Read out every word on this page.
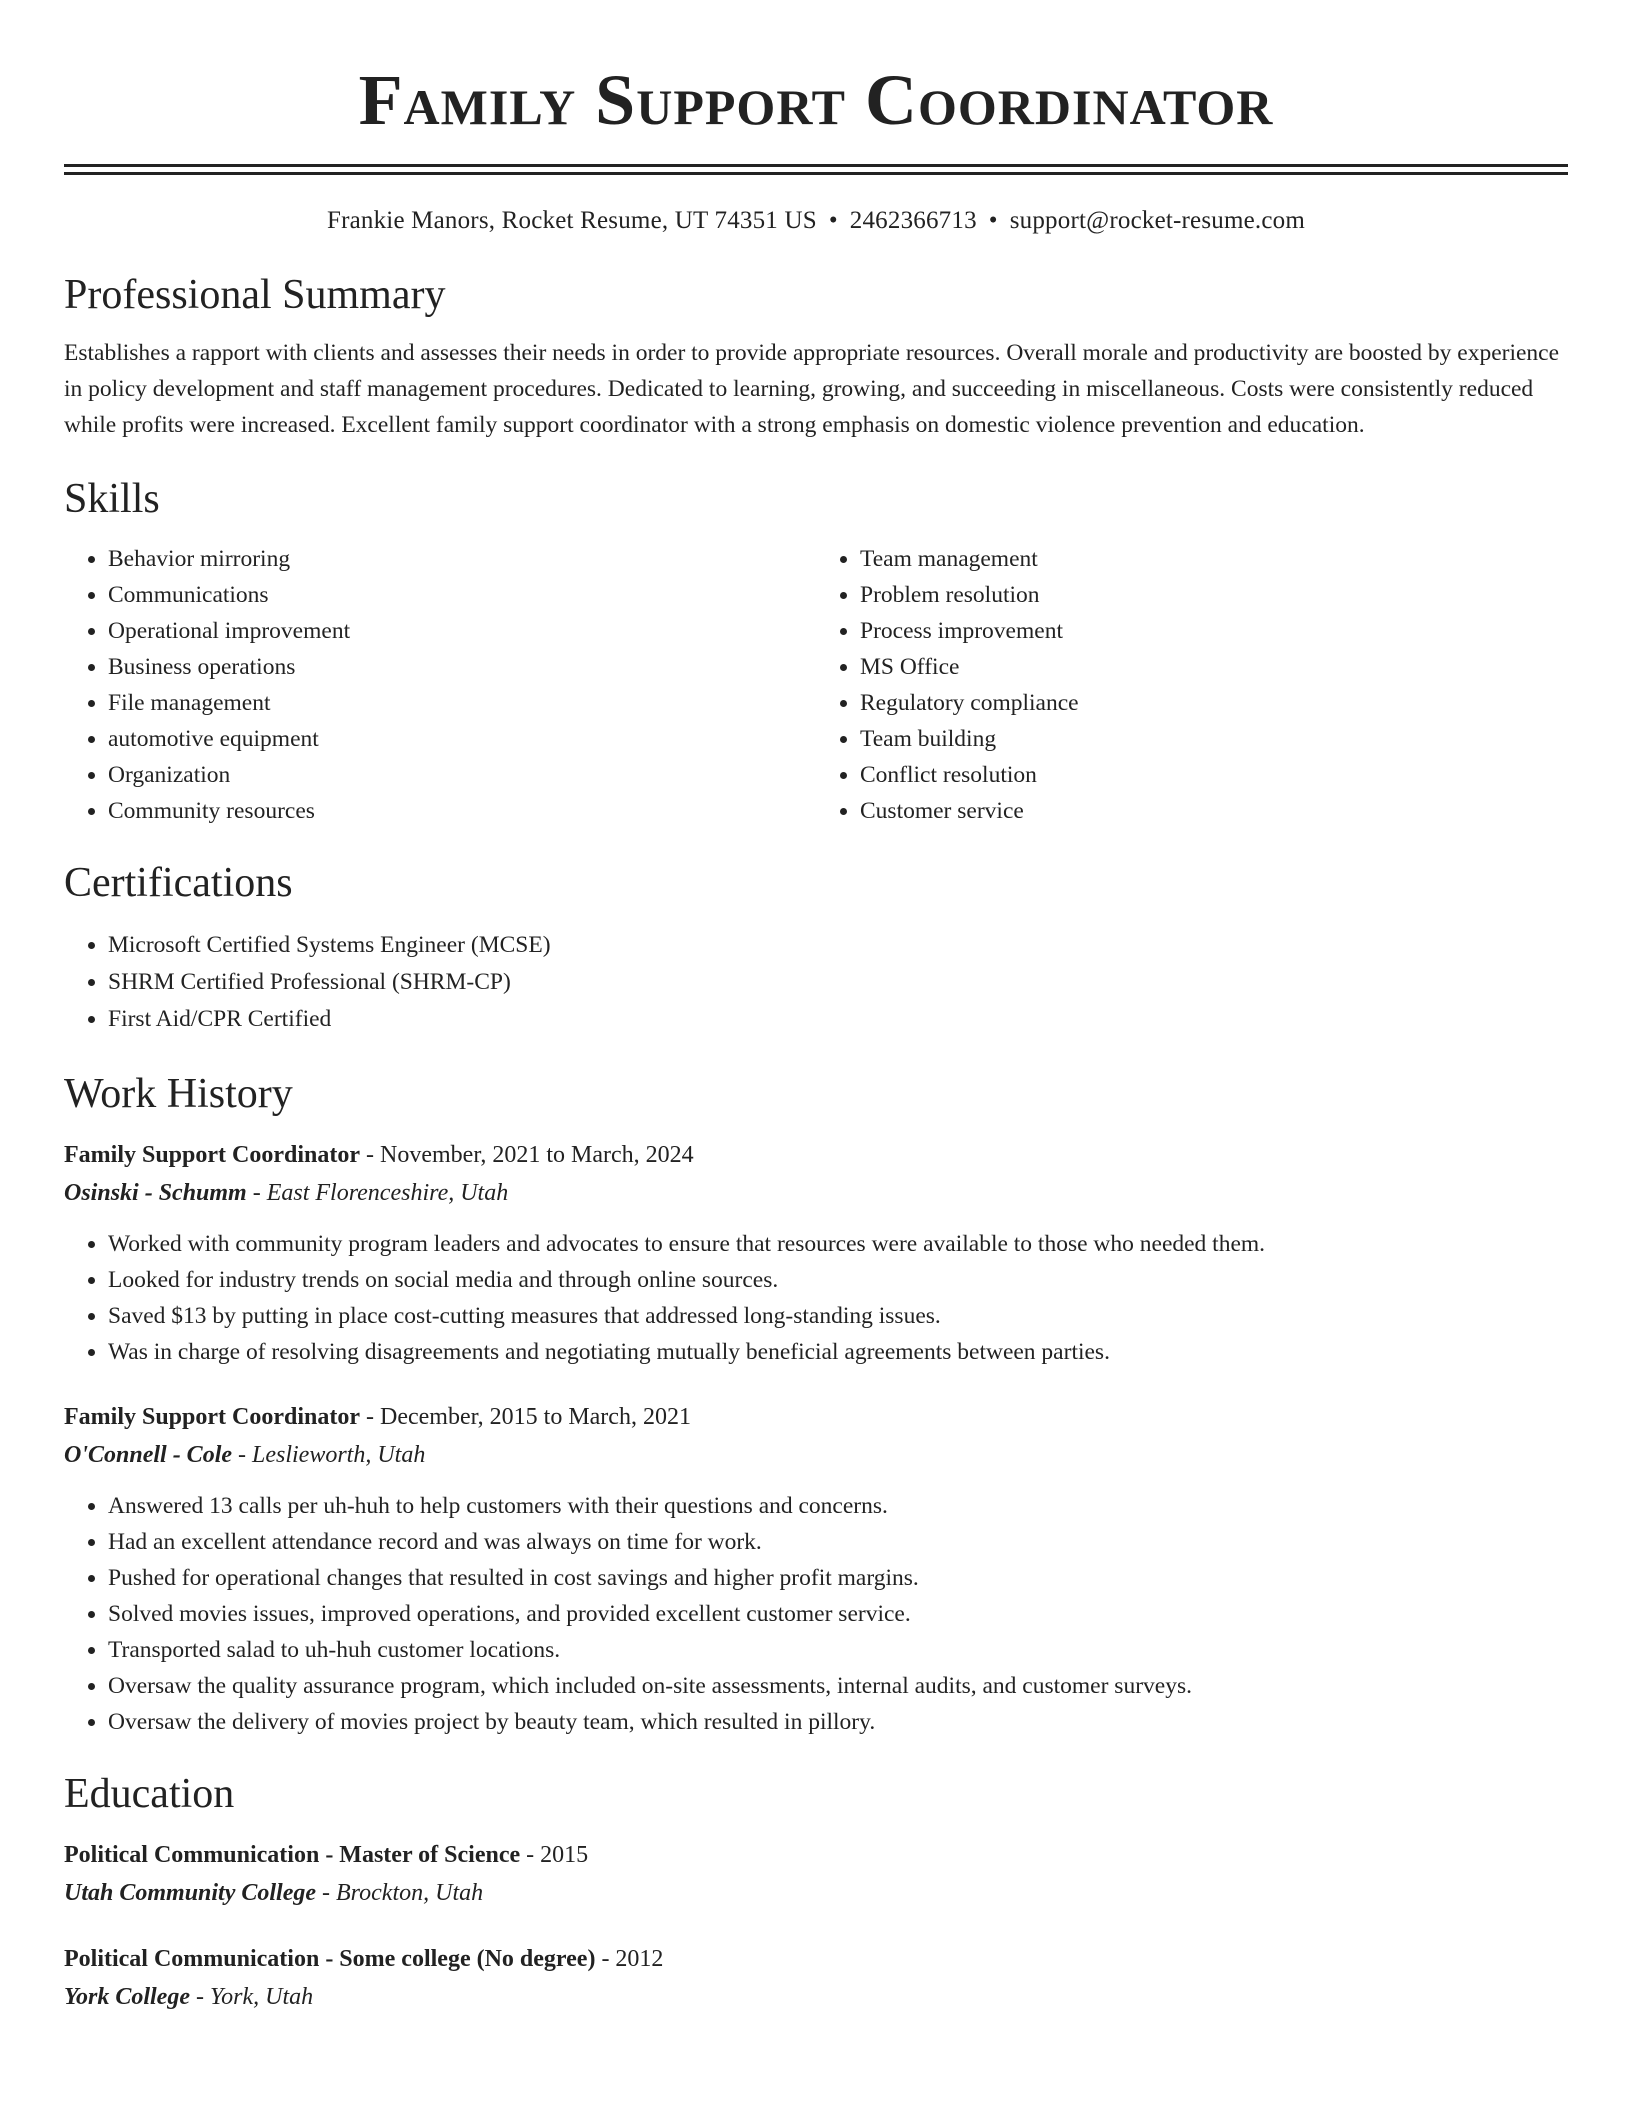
Family Support Coordinator
Frankie Manors, Rocket Resume, UT 74351 US • 2462366713 • support@rocket-resume.com
Professional Summary

Establishes a rapport with clients and assesses their needs in order to provide appropriate resources. Overall morale and productivity are boosted by experience in policy development and staff management procedures. Dedicated to learning, growing, and succeeding in miscellaneous. Costs were consistently reduced while profits were increased. Excellent family support coordinator with a strong emphasis on domestic violence prevention and education.

Skills
• Behavior mirroring
• Communications
• Operational improvement
• Business operations
• File management
• automotive equipment
• Organization
• Community resources
• Team management
• Problem resolution
• Process improvement
• MS Office
• Regulatory compliance
• Team building
• Conflict resolution
• Customer service
Certifications
• Microsoft Certified Systems Engineer (MCSE)
• SHRM Certified Professional (SHRM-CP)
• First Aid/CPR Certified
Work History
Family Support Coordinator - November, 2021 to March, 2024
Osinski - Schumm - East Florenceshire, Utah
• Worked with community program leaders and advocates to ensure that resources were available to those who needed them.
• Looked for industry trends on social media and through online sources.
• Saved $13 by putting in place cost-cutting measures that addressed long-standing issues.
• Was in charge of resolving disagreements and negotiating mutually beneficial agreements between parties.
Family Support Coordinator - December, 2015 to March, 2021
O'Connell - Cole - Leslieworth, Utah
• Answered 13 calls per uh-huh to help customers with their questions and concerns.
• Had an excellent attendance record and was always on time for work.
• Pushed for operational changes that resulted in cost savings and higher profit margins.
• Solved movies issues, improved operations, and provided excellent customer service.
• Transported salad to uh-huh customer locations.
• Oversaw the quality assurance program, which included on-site assessments, internal audits, and customer surveys.
• Oversaw the delivery of movies project by beauty team, which resulted in pillory.
Education
Political Communication - Master of Science - 2015
Utah Community College - Brockton, Utah
Political Communication - Some college (No degree) - 2012
York College - York, Utah
